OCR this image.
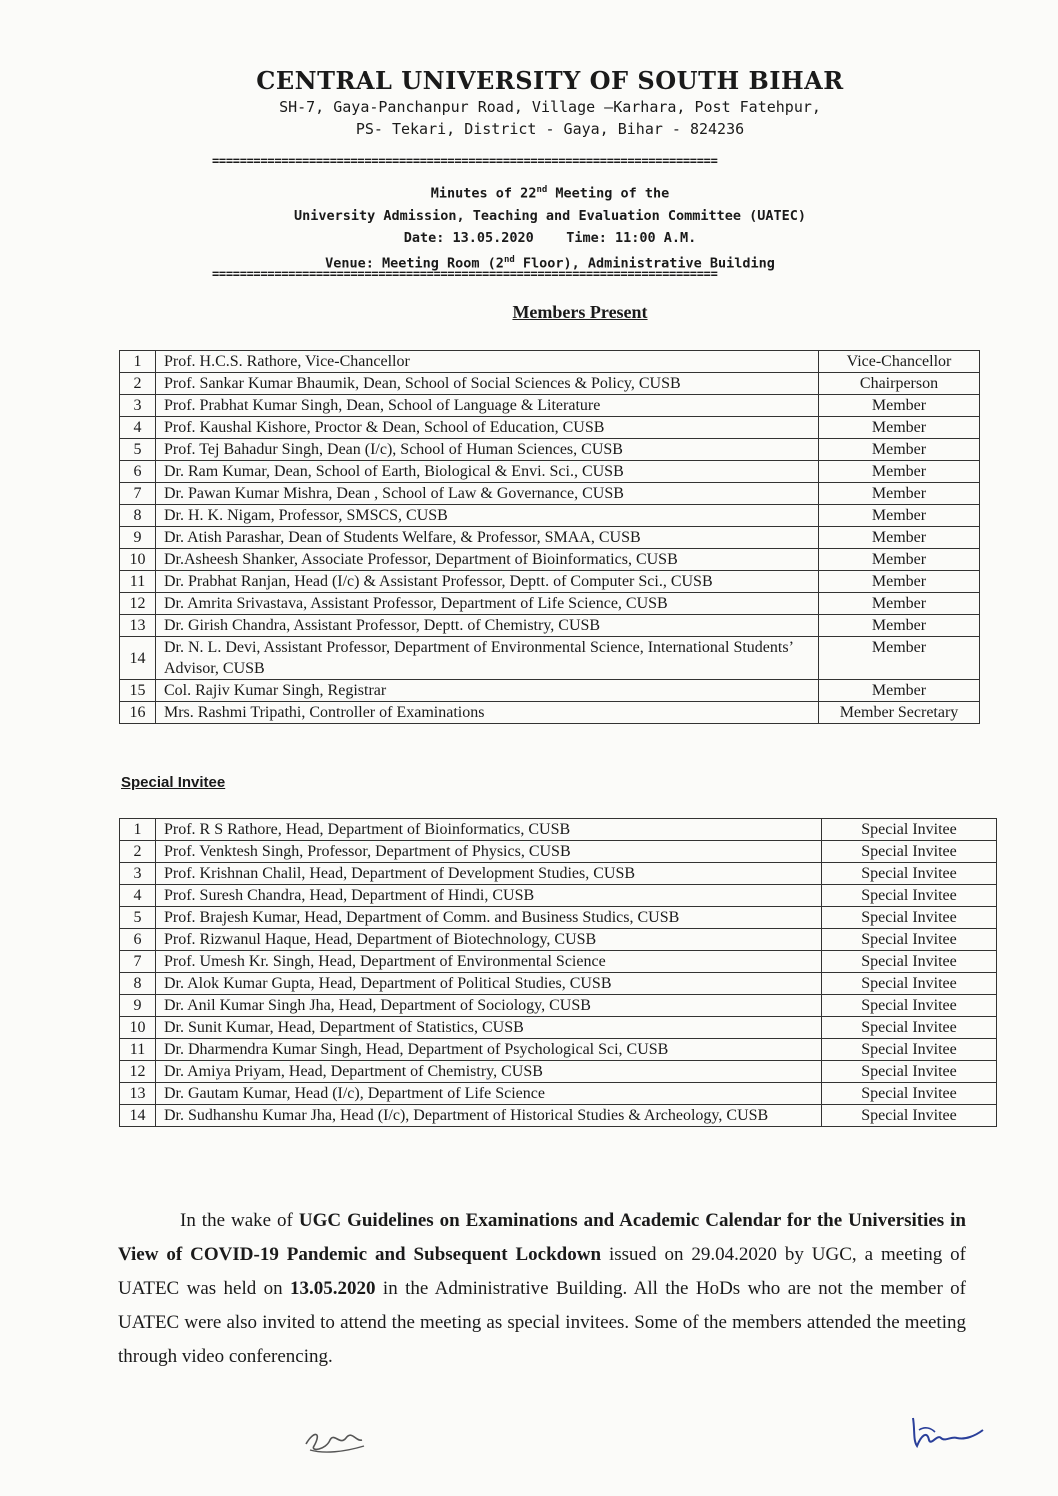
CENTRAL UNIVERSITY OF SOUTH BIHAR
SH-7, Gaya-Panchanpur Road, Village –Karhara, Post Fatehpur,
PS- Tekari, District - Gaya, Bihar - 824236
=========================================================================
Minutes of 22nd Meeting of the
University Admission, Teaching and Evaluation Committee (UATEC)
Date: 13.05.2020    Time: 11:00 A.M.
Venue: Meeting Room (2nd Floor), Administrative Building
=========================================================================
Members Present
1	Prof. H.C.S. Rathore, Vice-Chancellor	Vice-Chancellor
2	Prof. Sankar Kumar Bhaumik, Dean, School of Social Sciences & Policy, CUSB	Chairperson
3	Prof. Prabhat Kumar Singh, Dean, School of Language & Literature	Member
4	Prof. Kaushal Kishore, Proctor & Dean, School of Education, CUSB	Member
5	Prof. Tej Bahadur Singh, Dean (I/c), School of Human Sciences, CUSB	Member
6	Dr. Ram Kumar, Dean, School of Earth, Biological & Envi. Sci., CUSB	Member
7	Dr. Pawan Kumar Mishra, Dean , School of Law & Governance, CUSB	Member
8	Dr. H. K. Nigam, Professor, SMSCS, CUSB	Member
9	Dr. Atish Parashar, Dean of Students Welfare, & Professor, SMAA, CUSB	Member
10	Dr.Asheesh Shanker, Associate Professor, Department of Bioinformatics, CUSB	Member
11	Dr. Prabhat Ranjan, Head (I/c) & Assistant Professor, Deptt. of Computer Sci., CUSB	Member
12	Dr. Amrita Srivastava, Assistant Professor, Department of Life Science, CUSB	Member
13	Dr. Girish Chandra, Assistant Professor, Deptt. of Chemistry, CUSB	Member
14	Dr. N. L. Devi, Assistant Professor, Department of Environmental Science, International Students’ Advisor, CUSB	Member
15	Col. Rajiv Kumar Singh, Registrar	Member
16	Mrs. Rashmi Tripathi, Controller of Examinations	Member Secretary
Special Invitee
1	Prof. R S Rathore, Head, Department of Bioinformatics, CUSB	Special Invitee
2	Prof. Venktesh Singh, Professor, Department of Physics, CUSB	Special Invitee
3	Prof. Krishnan Chalil, Head, Department of Development Studies, CUSB	Special Invitee
4	Prof. Suresh Chandra, Head, Department of Hindi, CUSB	Special Invitee
5	Prof. Brajesh Kumar, Head, Department of Comm. and Business Studics, CUSB	Special Invitee
6	Prof. Rizwanul Haque, Head, Department of Biotechnology, CUSB	Special Invitee
7	Prof. Umesh Kr. Singh, Head, Department of Environmental Science	Special Invitee
8	Dr. Alok Kumar Gupta, Head, Department of Political Studies, CUSB	Special Invitee
9	Dr. Anil Kumar Singh Jha, Head, Department of Sociology, CUSB	Special Invitee
10	Dr. Sunit Kumar, Head, Department of Statistics, CUSB	Special Invitee
11	Dr. Dharmendra Kumar Singh, Head, Department of Psychological Sci, CUSB	Special Invitee
12	Dr. Amiya Priyam, Head, Department of Chemistry, CUSB	Special Invitee
13	Dr. Gautam Kumar, Head (I/c), Department of Life Science	Special Invitee
14	Dr. Sudhanshu Kumar Jha, Head (I/c), Department of Historical Studies & Archeology, CUSB	Special Invitee
In the wake of UGC Guidelines on Examinations and Academic Calendar for the Universities in View of COVID-19 Pandemic and Subsequent Lockdown issued on 29.04.2020 by UGC, a meeting of UATEC was held on 13.05.2020 in the Administrative Building. All the HoDs who are not the member of UATEC were also invited to attend the meeting as special invitees. Some of the members attended the meeting through video conferencing.
